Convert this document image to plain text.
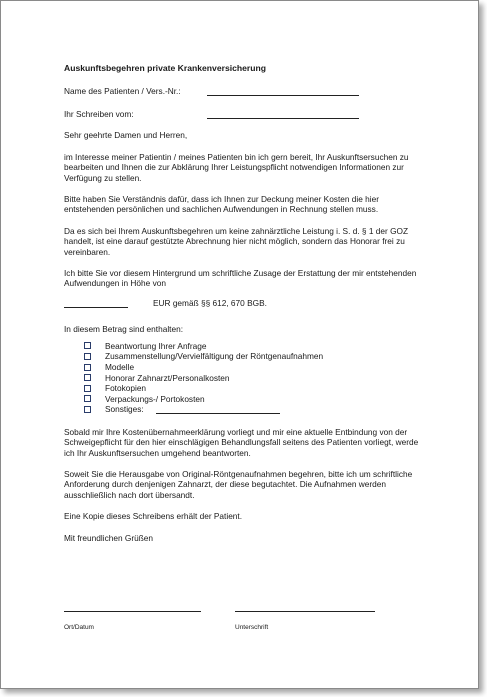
Auskunftsbegehren private Krankenversicherung
Name des Patienten / Vers.-Nr.:
Ihr Schreiben vom:

Sehr geehrte Damen und Herren,

im Interesse meiner Patientin / meines Patienten bin ich gern bereit, Ihr Auskunftsersuchen zu bearbeiten und Ihnen die zur Abklärung Ihrer Leistungspflicht notwendigen Informationen zur Verfügung zu stellen.

Bitte haben Sie Verständnis dafür, dass ich Ihnen zur Deckung meiner Kosten die hier entstehenden persönlichen und sachlichen Aufwendungen in Rechnung stellen muss.

Da es sich bei Ihrem Auskunftsbegehren um keine zahnärztliche Leistung i. S. d. § 1 der GOZ handelt, ist eine darauf gestützte Abrechnung hier nicht möglich, sondern das Honorar frei zu vereinbaren.

Ich bitte Sie vor diesem Hintergrund um schriftliche Zusage der Erstattung der mir entstehenden Aufwendungen in Höhe von

EUR gemäß §§ 612, 670 BGB.
In diesem Betrag sind enthalten:
Beantwortung Ihrer Anfrage
Zusammenstellung/Vervielfältigung der Röntgenaufnahmen
Modelle
Honorar Zahnarzt/Personalkosten
Fotokopien
Verpackungs-/ Portokosten
Sonstiges:

Sobald mir Ihre Kostenübernahmeerklärung vorliegt und mir eine aktuelle Entbindung von der Schweigepflicht für den hier einschlägigen Behandlungsfall seitens des Patienten vorliegt, werde ich Ihr Auskunftsersuchen umgehend beantworten.

Soweit Sie die Herausgabe von Original-Röntgenaufnahmen begehren, bitte ich um schriftliche Anforderung durch denjenigen Zahnarzt, der diese begutachtet. Die Aufnahmen werden ausschließlich nach dort übersandt.

Eine Kopie dieses Schreibens erhält der Patient.

Mit freundlichen Grüßen

Ort/Datum	Unterschrift
